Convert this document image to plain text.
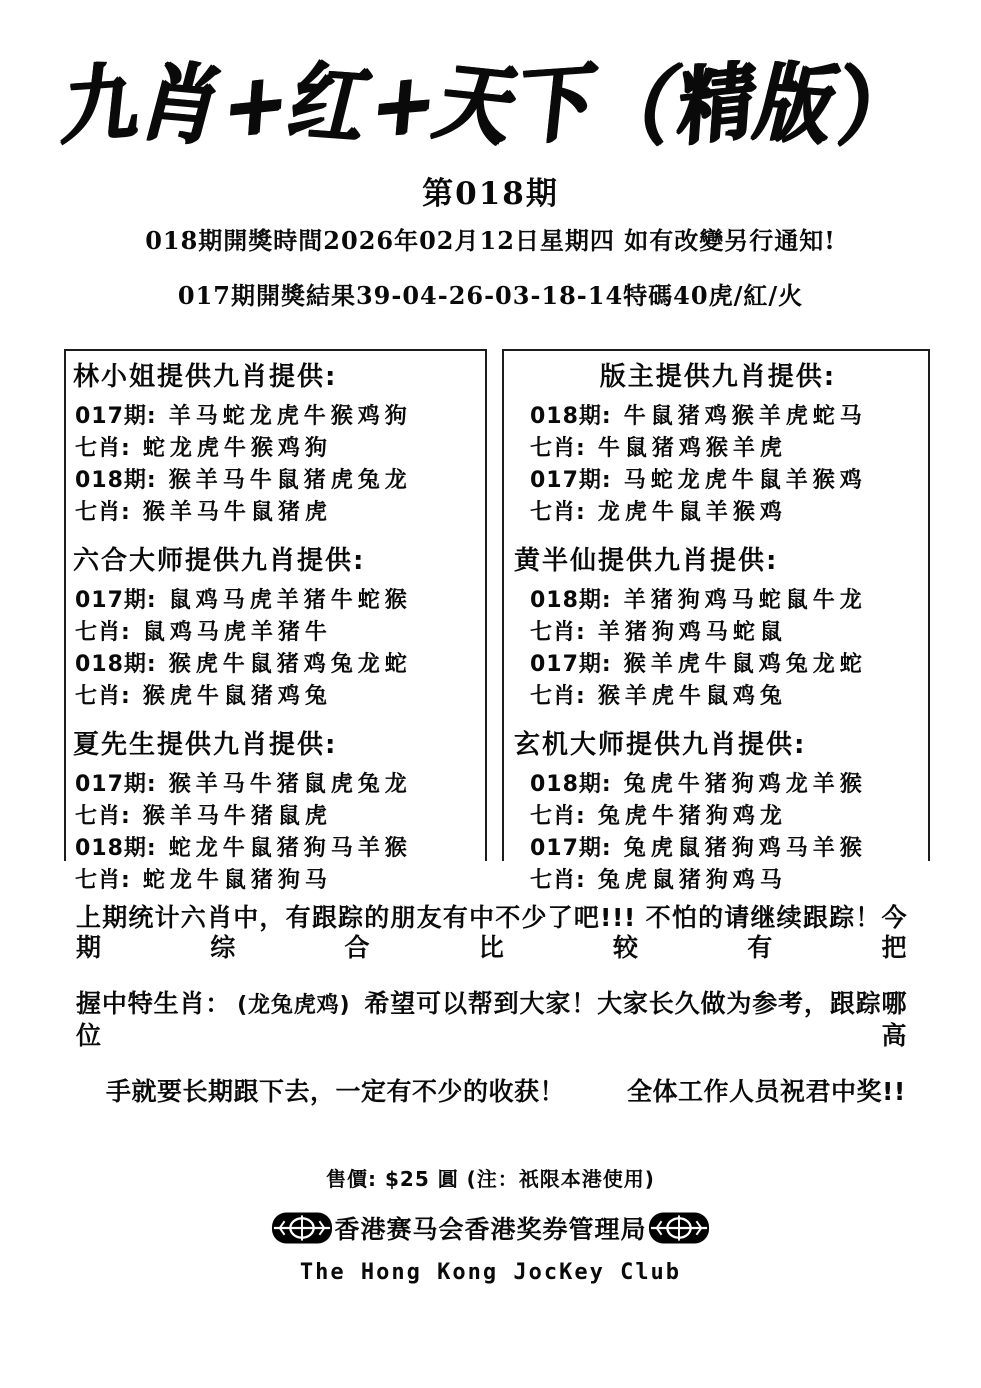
九肖+红+天下（精版）
第018期
018期開獎時間2026年02月12日星期四 如有改變另行通知!
017期開獎結果39-04-26-03-18-14特碼40虎/紅/火
林小姐提供九肖提供:
017期: 羊马蛇龙虎牛猴鸡狗
七肖: 蛇龙虎牛猴鸡狗
018期: 猴羊马牛鼠猪虎兔龙
七肖: 猴羊马牛鼠猪虎
六合大师提供九肖提供:
017期: 鼠鸡马虎羊猪牛蛇猴
七肖: 鼠鸡马虎羊猪牛
018期: 猴虎牛鼠猪鸡兔龙蛇
七肖: 猴虎牛鼠猪鸡兔
夏先生提供九肖提供:
017期: 猴羊马牛猪鼠虎兔龙
七肖: 猴羊马牛猪鼠虎
018期: 蛇龙牛鼠猪狗马羊猴
七肖: 蛇龙牛鼠猪狗马
版主提供九肖提供:
018期: 牛鼠猪鸡猴羊虎蛇马
七肖: 牛鼠猪鸡猴羊虎
017期: 马蛇龙虎牛鼠羊猴鸡
七肖: 龙虎牛鼠羊猴鸡
黄半仙提供九肖提供:
018期: 羊猪狗鸡马蛇鼠牛龙
七肖: 羊猪狗鸡马蛇鼠
017期: 猴羊虎牛鼠鸡兔龙蛇
七肖: 猴羊虎牛鼠鸡兔
玄机大师提供九肖提供:
018期: 兔虎牛猪狗鸡龙羊猴
七肖: 兔虎牛猪狗鸡龙
017期: 兔虎鼠猪狗鸡马羊猴
七肖: 兔虎鼠猪狗鸡马

上期统计六肖中，有跟踪的朋友有中不少了吧!!! 不怕的请继续跟踪！今期综合比较有把

握中特生肖： (龙兔虎鸡) 希望可以帮到大家！大家长久做为参考，跟踪哪位高

手就要长期跟下去，一定有不少的收获！ 全体工作人员祝君中奖!!

售價: $25 圓 (注：祇限本港使用)
香港赛马会香港奖券管理局
The Hong Kong JocKey Club
